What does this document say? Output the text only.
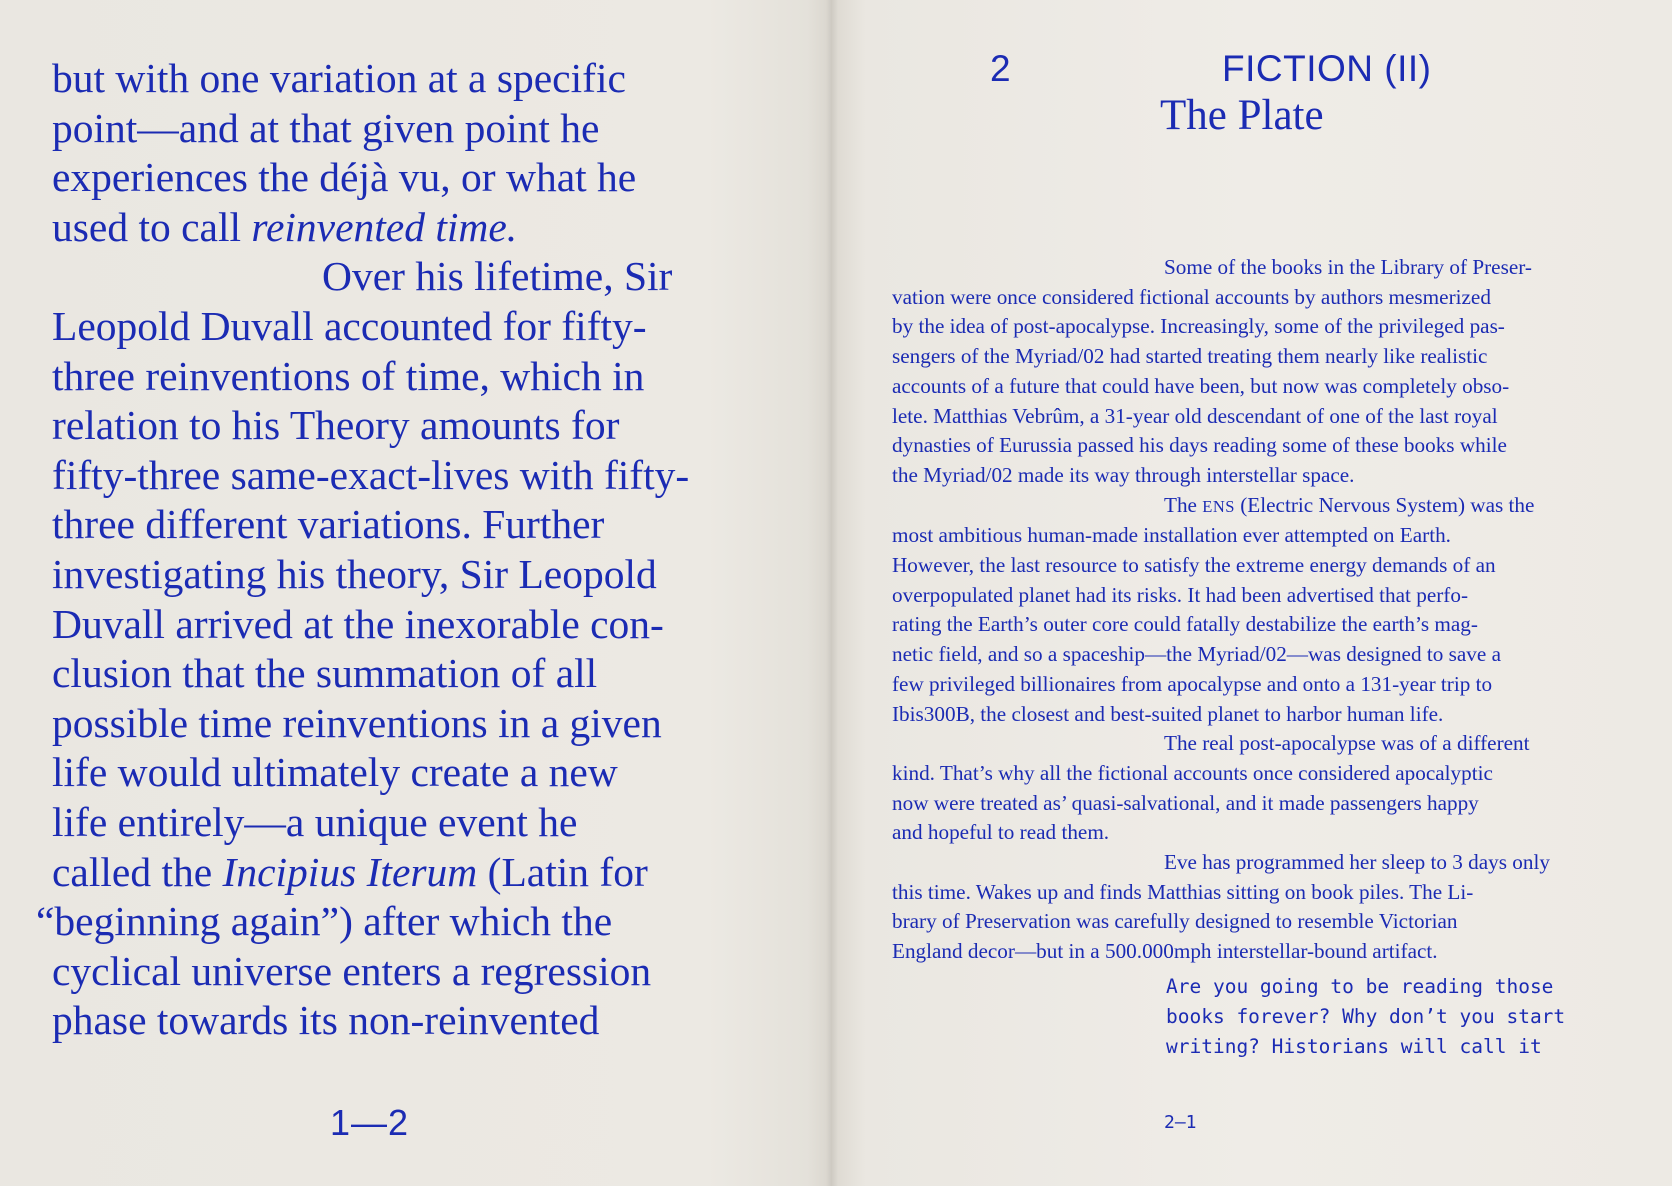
but with one variation at a specific
point—and at that given point he
experiences the déjà vu, or what he
used to call reinvented time.
Over his lifetime, Sir
Leopold Duvall accounted for fifty-
three reinventions of time, which in
relation to his Theory amounts for
fifty-three same-exact-lives with fifty-
three different variations. Further
investigating his theory, Sir Leopold
Duvall arrived at the inexorable con-
clusion that the summation of all
possible time reinventions in a given
life would ultimately create a new
life entirely—a unique event he
called the Incipius Iterum (Latin for
“beginning again”) after which the
cyclical universe enters a regression
phase towards its non-reinvented
1—2
2	FICTION (II)
The Plate
Some of the books in the Library of Preser-
vation were once considered fictional accounts by authors mesmerized
by the idea of post-apocalypse. Increasingly, some of the privileged pas-
sengers of the Myriad/02 had started treating them nearly like realistic
accounts of a future that could have been, but now was completely obso-
lete. Matthias Vebrûm, a 31-year old descendant of one of the last royal
dynasties of Eurussia passed his days reading some of these books while
the Myriad/02 made its way through interstellar space.
The ENS (Electric Nervous System) was the
most ambitious human-made installation ever attempted on Earth.
However, the last resource to satisfy the extreme energy demands of an
overpopulated planet had its risks. It had been advertised that perfo-
rating the Earth’s outer core could fatally destabilize the earth’s mag-
netic field, and so a spaceship—the Myriad/02—was designed to save a
few privileged billionaires from apocalypse and onto a 131-year trip to
Ibis300B, the closest and best-suited planet to harbor human life.
The real post-apocalypse was of a different
kind. That’s why all the fictional accounts once considered apocalyptic
now were treated as’ quasi-salvational, and it made passengers happy
and hopeful to read them.
Eve has programmed her sleep to 3 days only
this time. Wakes up and finds Matthias sitting on book piles. The Li-
brary of Preservation was carefully designed to resemble Victorian
England decor—but in a 500.000mph interstellar-bound artifact.
Are you going to be reading those
books forever? Why don’t you start
writing? Historians will call it
2—1
